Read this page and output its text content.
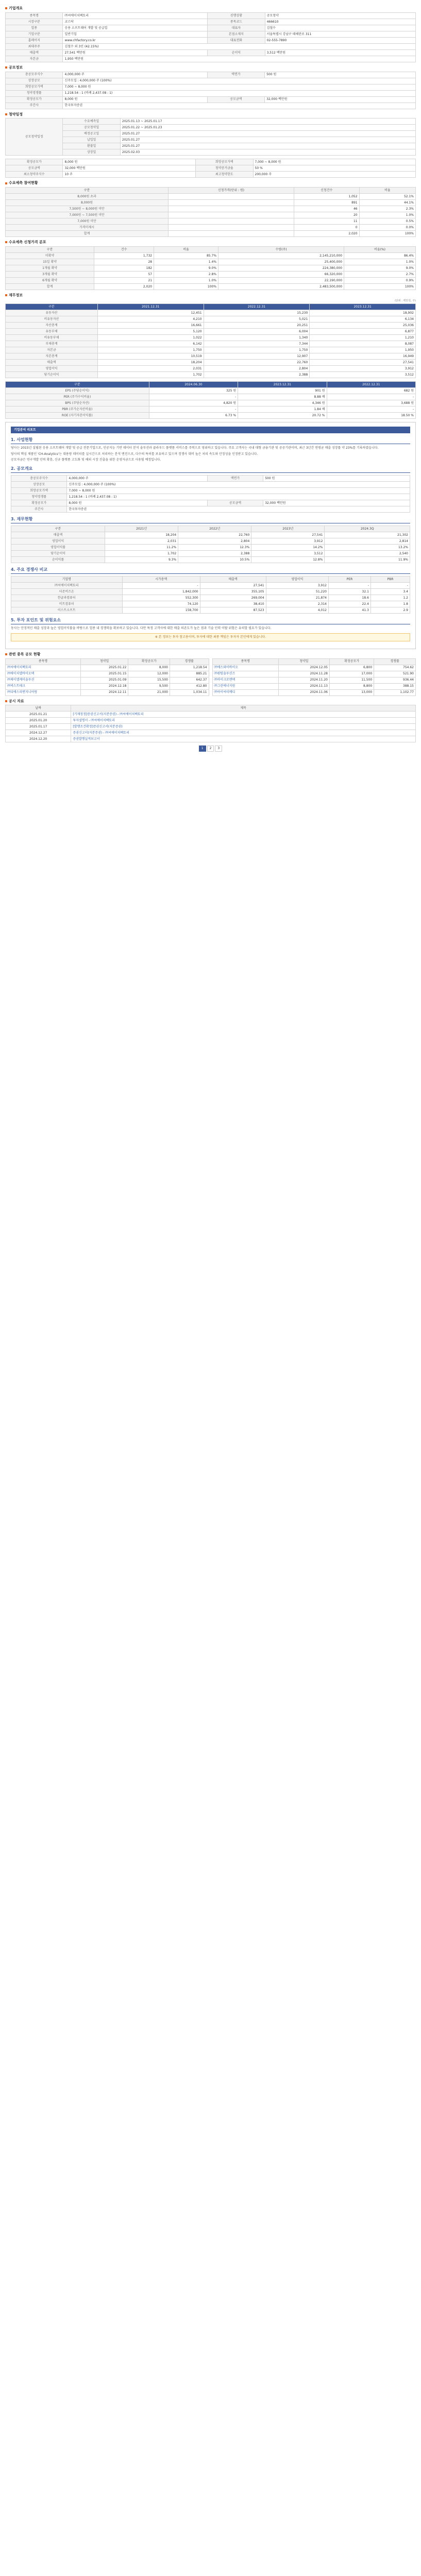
기업개요
종목명	㈜씨에이치팩토리	진행상황	공모청약
시장구분	코스닥	종목코드	466610
업종	응용 소프트웨어 개발 및 공급업	대표자	김철수
기업구분	일반기업	본점소재지	서울특별시 강남구 테헤란로 311
홈페이지	www.chfactory.co.kr	대표전화	02-555-7890
최대주주	김철수 외 3인 (42.15%)		
매출액	27,541 백만원	순이익	3,512 백만원
자본금	1,950 백만원		
공모정보
총공모주식수	4,000,000 주	액면가	500 원
상장공모	신주모집 : 4,000,000 주 (100%)		
희망공모가액	7,000 ~ 8,000 원		
청약경쟁률	1,218.54 : 1 (비례 2,437.08 : 1)		
확정공모가	8,000 원	공모금액	32,000 백만원
주간사	한국투자증권		
청약일정
공모청약일정	수요예측일	2025.01.13 ~ 2025.01.17
	공모청약일	2025.01.22 ~ 2025.01.23
	배정공고일	2025.01.27
	납입일	2025.01.27
	환불일	2025.01.27
	상장일	2025.02.03
확정공모가	8,000 원	희망공모가액	7,000 ~ 8,000 원
공모금액	32,000 백만원	청약증거금율	50 %
최소청약주식수	10 주	최고청약한도	200,000 주
수요예측 참여현황
구분	신청가격(단위 : 원)	신청건수	비율
8,000원 초과		1,052	52.1%
8,000원		891	44.1%
7,500원 ~ 8,000원 미만		46	2.3%
7,000원 ~ 7,500원 미만		20	1.0%
7,000원 미만		11	0.5%
가격미제시		0	0.0%
합계		2,020	100%
수요예측 신청가격 분포
구분	건수	비율	수량(주)	비율(%)
미확약	1,732	85.7%	2,145,210,000	86.4%
15일 확약	28	1.4%	25,400,000	1.0%
1개월 확약	182	9.0%	224,380,000	9.0%
3개월 확약	57	2.8%	66,320,000	2.7%
6개월 확약	21	1.0%	22,190,000	0.9%
합계	2,020	100%	2,483,500,000	100%
재무정보
(단위 : 백만원, 주)
구분	2021.12.31	2022.12.31	2023.12.31
유동자산	12,451	15,230	18,902
비유동자산	4,210	5,021	6,134
자산총계	16,661	20,251	25,036
유동부채	5,120	6,004	6,877
비유동부채	1,022	1,340	1,210
부채총계	6,142	7,344	8,087
자본금	1,750	1,750	1,950
자본총계	10,519	12,907	16,949
매출액	18,204	22,760	27,541
영업이익	2,031	2,804	3,912
당기순이익	1,702	2,388	3,512
구분	2024.06.30	2023.12.31	2022.12.31
EPS (주당순이익)	325 원	901 원	682 원
PER (주가수익비율)	-	8.88 배	-
BPS (주당순자산)	4,820 원	4,346 원	3,688 원
PBR (주가순자산비율)	-	1.84 배	-
ROE (자기자본이익률)	6.73 %	20.72 %	18.50 %
기업분석 리포트
1. 사업현황

당사는 2015년 설립된 응용 소프트웨어 개발 및 공급 전문기업으로, 인공지능 기반 데이터 분석 솔루션과 클라우드 플랫폼 서비스를 주력으로 영위하고 있습니다. 주요 고객사는 국내 대형 금융기관 및 공공기관이며, 최근 3년간 연평균 매출 성장률 약 23%를 기록하였습니다.

당사의 핵심 제품인 'CH-Analytics'는 대용량 데이터를 실시간으로 처리하는 분석 엔진으로, 다수의 특허를 보유하고 있으며 경쟁사 대비 높은 처리 속도와 안정성을 인정받고 있습니다.

공모자금은 연구개발 인력 확충, 신규 플랫폼 고도화 및 해외 시장 진출을 위한 운영자금으로 사용될 예정입니다.

2. 공모개요
총공모주식수	4,000,000 주	액면가	500 원
상장공모	신주모집 : 4,000,000 주 (100%)		
희망공모가액	7,000 ~ 8,000 원		
청약경쟁률	1,218.54 : 1 (비례 2,437.08 : 1)		
확정공모가	8,000 원	공모금액	32,000 백만원
주간사	한국투자증권		
3. 재무현황
구분	2021년	2022년	2023년	2024.3Q
매출액	18,204	22,760	27,541	21,302
영업이익	2,031	2,804	3,912	2,814
영업이익률	11.2%	12.3%	14.2%	13.2%
당기순이익	1,702	2,388	3,512	2,540
순이익률	9.3%	10.5%	12.8%	11.9%
4. 주요 경쟁사 비교
기업명	시가총액	매출액	영업이익	PER	PBR
㈜씨에이치팩토리	-	27,541	3,912	-	-
더존비즈온	1,842,000	355,105	51,220	32.1	3.4
한글과컴퓨터	552,300	269,004	21,874	18.6	1.2
비트컴퓨터	74,120	38,410	2,314	22.4	1.8
이스트소프트	158,700	87,523	4,012	41.3	2.9
5. 투자 포인트 및 위험요소

동사는 안정적인 매출 성장과 높은 영업이익률을 바탕으로 업종 내 경쟁력을 확보하고 있습니다. 다만 특정 고객사에 대한 매출 의존도가 높은 점과 기술 인력 이탈 위험은 유의할 필요가 있습니다.

※ 본 정보는 투자 참고용이며, 투자에 대한 최종 책임은 투자자 본인에게 있습니다.
관련 종목 공모 현황
종목명	청약일	확정공모가	경쟁률
㈜씨에이치팩토리	2025.01.22	8,000	1,218.54
㈜에이치엘바이오텍	2025.01.15	12,000	885.21
㈜제이엘케이솔루션	2025.01.09	15,500	642.37
㈜넥스트테크	2024.12.18	9,500	412.80
㈜디에스피엔지니어링	2024.12.11	21,000	1,034.11
종목명	청약일	확정공모가	경쟁률
㈜에스와이바이오	2024.12.05	6,800	754.62
㈜퀀텀솔루션즈	2024.11.28	17,000	521.90
㈜마이크로엔텍	2024.11.20	11,500	936.44
㈜그린에너지원	2024.11.13	8,800	388.15
㈜아이씨티메디	2024.11.06	13,000	1,102.77
공시 자료
날짜	제목
2025.01.21	[기재정정]증권신고서(지분증권) - ㈜씨에이치팩토리
2025.01.20	투자설명서 - ㈜씨에이치팩토리
2025.01.17	[발행조건확정]증권신고서(지분증권)
2024.12.27	증권신고서(지분증권) - ㈜씨에이치팩토리
2024.12.20	증권발행실적보고서
1 2 3
